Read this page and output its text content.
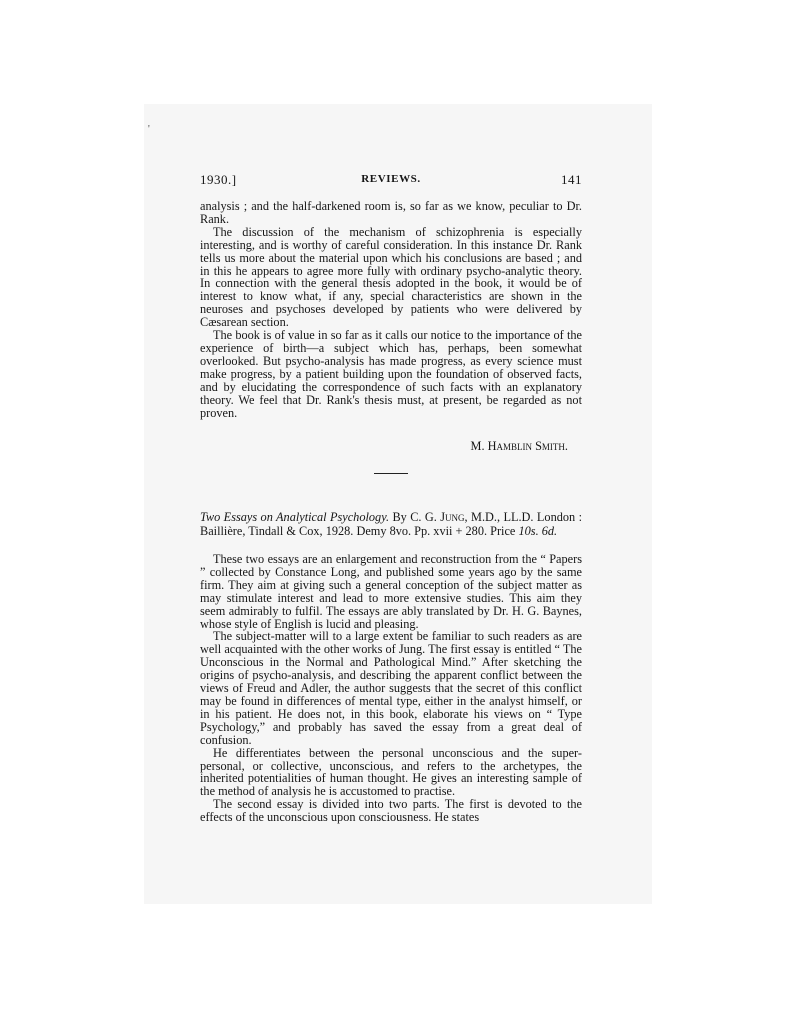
'
1930.]	REVIEWS.	141

analysis ; and the half-darkened room is, so far as we know, peculiar to Dr. Rank.

The discussion of the mechanism of schizophrenia is especially interesting, and is worthy of careful consideration. In this instance Dr. Rank tells us more about the material upon which his conclusions are based ; and in this he appears to agree more fully with ordinary psycho-analytic theory. In connection with the general thesis adopted in the book, it would be of interest to know what, if any, special characteristics are shown in the neuroses and psychoses developed by patients who were delivered by Cæsarean section.

The book is of value in so far as it calls our notice to the importance of the experience of birth—a subject which has, perhaps, been somewhat overlooked. But psycho-analysis has made progress, as every science must make progress, by a patient building upon the foundation of observed facts, and by elucidating the correspondence of such facts with an explanatory theory. We feel that Dr. Rank's thesis must, at present, be regarded as not proven.

M. Hamblin Smith.
Two Essays on Analytical Psychology. By C. G. Jung, M.D., LL.D. London : Baillière, Tindall & Cox, 1928. Demy 8vo. Pp. xvii + 280. Price 10s. 6d.

These two essays are an enlargement and reconstruction from the “ Papers ” collected by Constance Long, and published some years ago by the same firm. They aim at giving such a general conception of the subject matter as may stimulate interest and lead to more extensive studies. This aim they seem admirably to fulfil. The essays are ably translated by Dr. H. G. Baynes, whose style of English is lucid and pleasing.

The subject-matter will to a large extent be familiar to such readers as are well acquainted with the other works of Jung. The first essay is entitled “ The Unconscious in the Normal and Pathological Mind.” After sketching the origins of psycho-analysis, and describing the apparent conflict between the views of Freud and Adler, the author suggests that the secret of this conflict may be found in differences of mental type, either in the analyst himself, or in his patient. He does not, in this book, elaborate his views on “ Type Psychology,” and probably has saved the essay from a great deal of confusion.

He differentiates between the personal unconscious and the super-personal, or collective, unconscious, and refers to the archetypes, the inherited potentialities of human thought. He gives an interesting sample of the method of analysis he is accustomed to practise.

The second essay is divided into two parts. The first is devoted to the effects of the unconscious upon consciousness. He states
